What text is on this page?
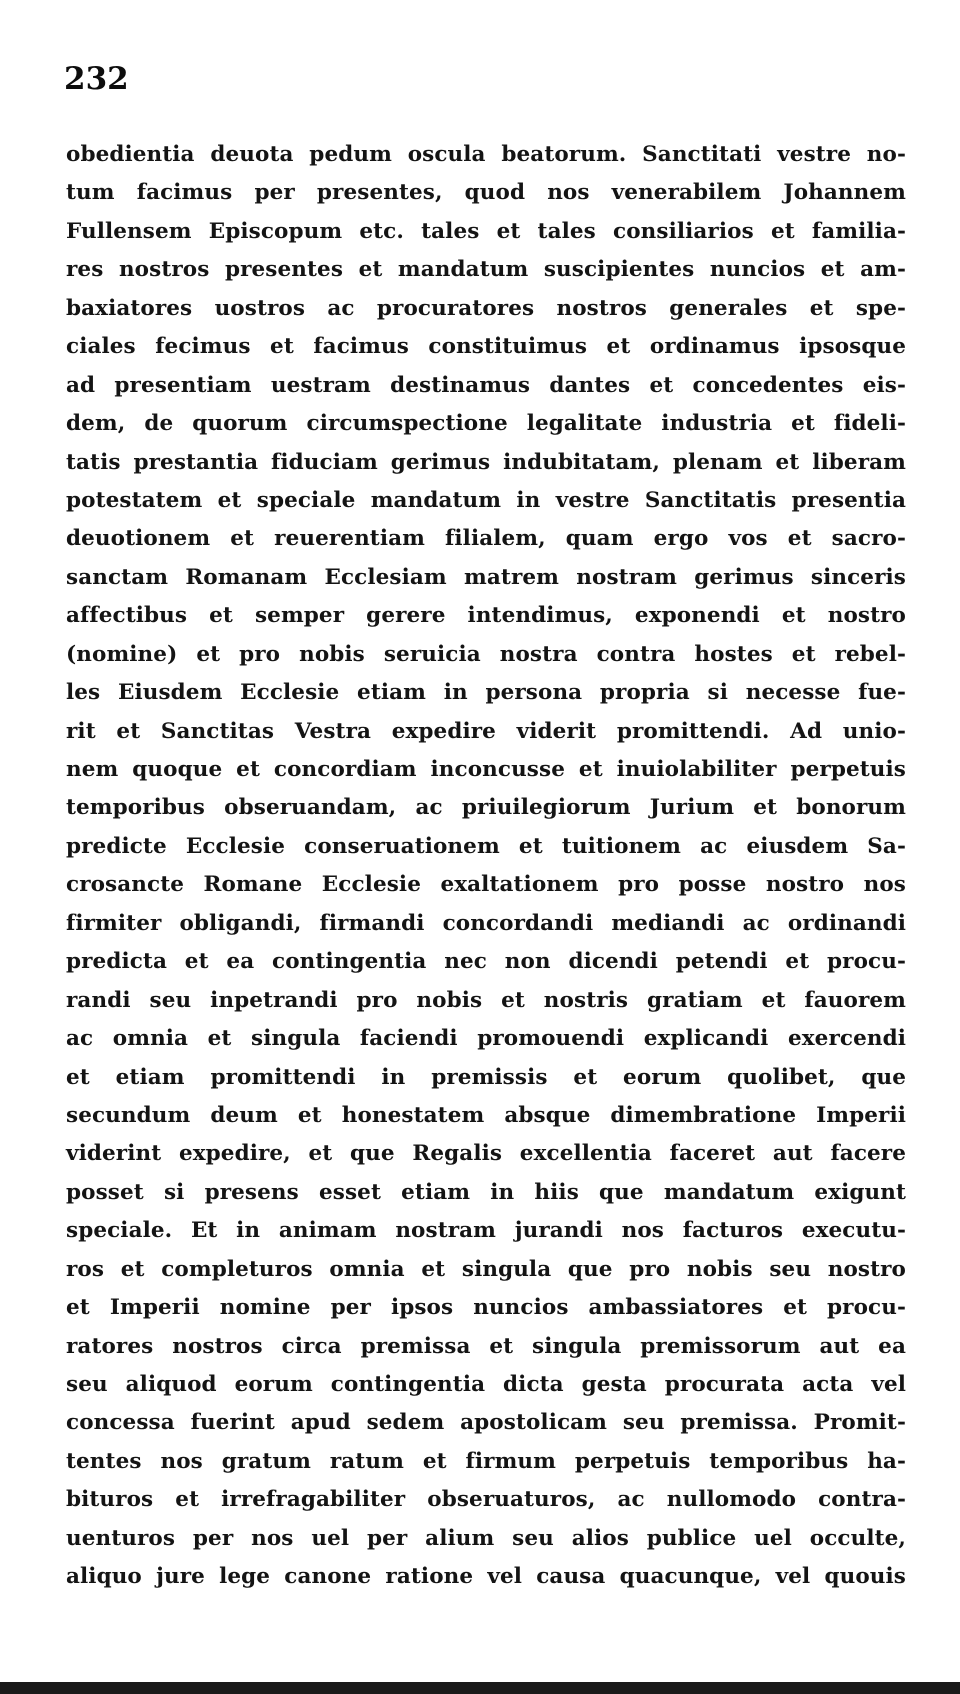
232
obedientia deuota pedum oscula beatorum. Sanctitati vestre no-
tum facimus per presentes, quod nos venerabilem Johannem
Fullensem Episcopum etc. tales et tales consiliarios et familia-
res nostros presentes et mandatum suscipientes nuncios et am-
baxiatores uostros ac procuratores nostros generales et spe-
ciales fecimus et facimus constituimus et ordinamus ipsosque
ad presentiam uestram destinamus dantes et concedentes eis-
dem, de quorum circumspectione legalitate industria et fideli-
tatis prestantia fiduciam gerimus indubitatam, plenam et liberam
potestatem et speciale mandatum in vestre Sanctitatis presentia
deuotionem et reuerentiam filialem, quam ergo vos et sacro-
sanctam Romanam Ecclesiam matrem nostram gerimus sinceris
affectibus et semper gerere intendimus, exponendi et nostro
(nomine) et pro nobis seruicia nostra contra hostes et rebel-
les Eiusdem Ecclesie etiam in persona propria si necesse fue-
rit et Sanctitas Vestra expedire viderit promittendi. Ad unio-
nem quoque et concordiam inconcusse et inuiolabiliter perpetuis
temporibus obseruandam, ac priuilegiorum Jurium et bonorum
predicte Ecclesie conseruationem et tuitionem ac eiusdem Sa-
crosancte Romane Ecclesie exaltationem pro posse nostro nos
firmiter obligandi, firmandi concordandi mediandi ac ordinandi
predicta et ea contingentia nec non dicendi petendi et procu-
randi seu inpetrandi pro nobis et nostris gratiam et fauorem
ac omnia et singula faciendi promouendi explicandi exercendi
et etiam promittendi in premissis et eorum quolibet, que
secundum deum et honestatem absque dimembratione Imperii
viderint expedire, et que Regalis excellentia faceret aut facere
posset si presens esset etiam in hiis que mandatum exigunt
speciale. Et in animam nostram jurandi nos facturos executu-
ros et completuros omnia et singula que pro nobis seu nostro
et Imperii nomine per ipsos nuncios ambassiatores et procu-
ratores nostros circa premissa et singula premissorum aut ea
seu aliquod eorum contingentia dicta gesta procurata acta vel
concessa fuerint apud sedem apostolicam seu premissa. Promit-
tentes nos gratum ratum et firmum perpetuis temporibus ha-
bituros et irrefragabiliter obseruaturos, ac nullomodo contra-
uenturos per nos uel per alium seu alios publice uel occulte,
aliquo jure lege canone ratione vel causa quacunque, vel quouis
